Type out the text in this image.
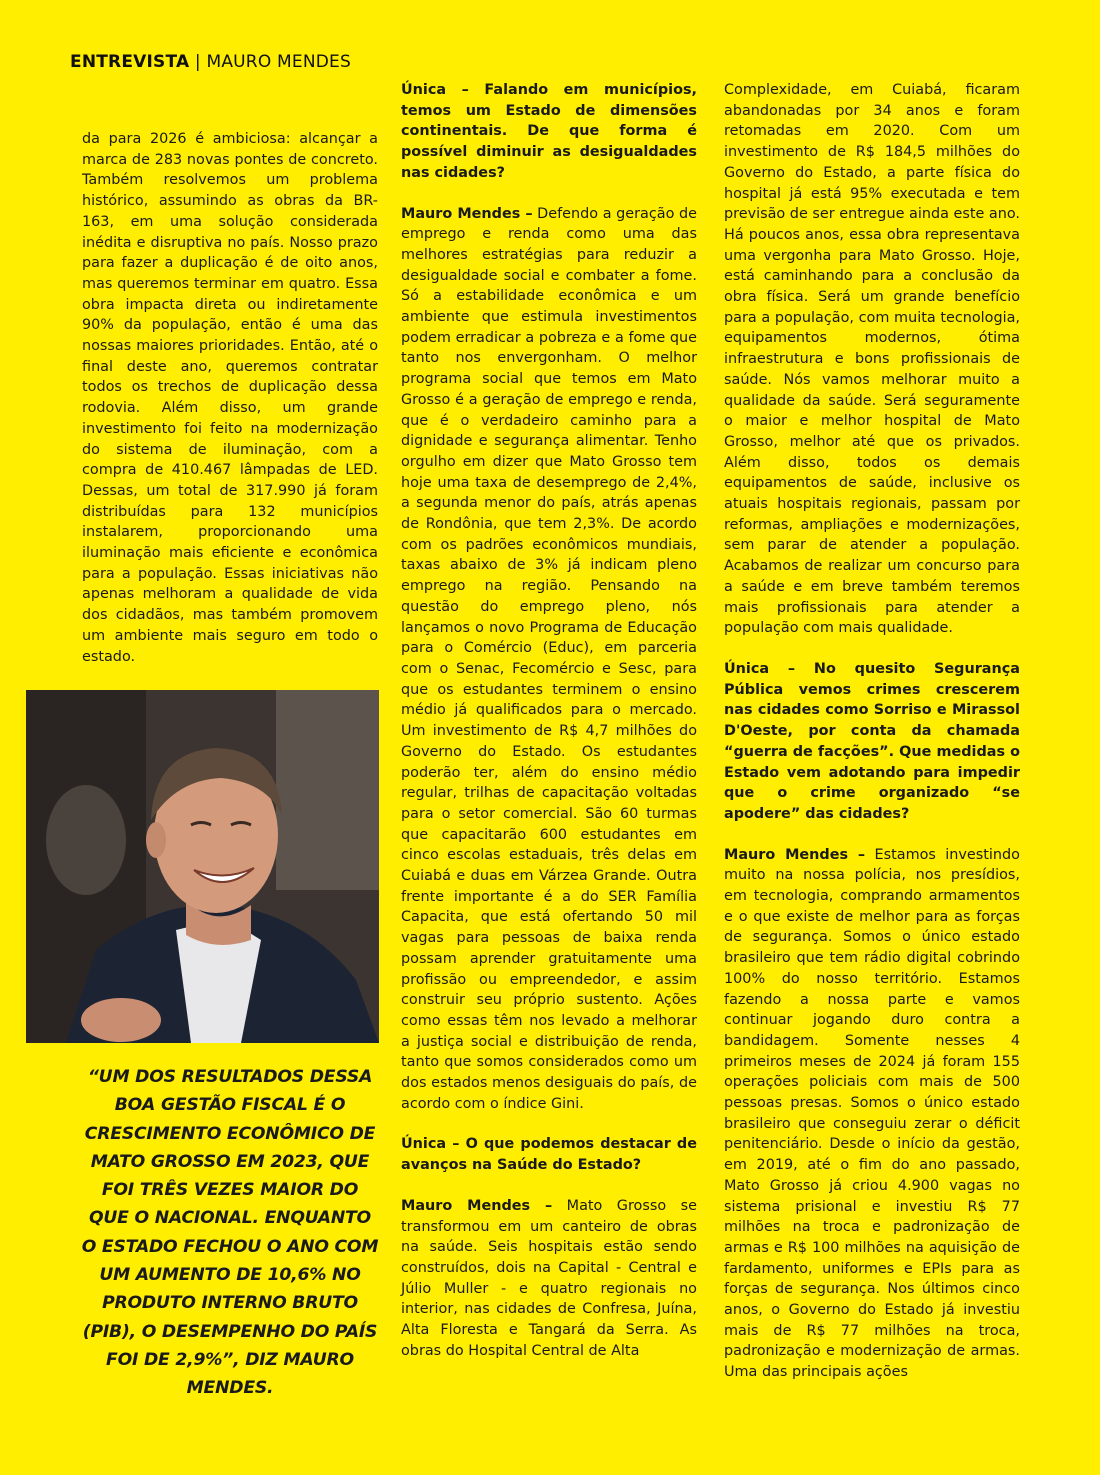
ENTREVISTA | MAURO MENDES

da para 2026 é ambiciosa: alcançar a marca de 283 novas pontes de concreto. Também resolvemos um problema histórico, assumindo as obras da BR-163, em uma solução considerada inédita e disruptiva no país. Nosso prazo para fazer a duplicação é de oito anos, mas queremos terminar em quatro. Essa obra impacta direta ou indiretamente 90% da população, então é uma das nossas maiores prioridades. Então, até o final deste ano, queremos contratar todos os trechos de duplicação dessa rodovia. Além disso, um grande investimento foi feito na modernização do sistema de iluminação, com a compra de 410.467 lâmpadas de LED. Dessas, um total de 317.990 já foram distribuídas para 132 municípios instalarem, proporcionando uma iluminação mais eficiente e econômica para a população. Essas iniciativas não apenas melhoram a qualidade de vida dos cidadãos, mas também promovem um ambiente mais seguro em todo o estado.

“UM DOS RESULTADOS DESSA BOA GESTÃO FISCAL É O CRESCIMENTO ECONÔMICO DE MATO GROSSO EM 2023, QUE FOI TRÊS VEZES MAIOR DO QUE O NACIONAL. ENQUANTO O ESTADO FECHOU O ANO COM UM AUMENTO DE 10,6% NO PRODUTO INTERNO BRUTO (PIB), O DESEMPENHO DO PAÍS FOI DE 2,9%”, DIZ MAURO MENDES.

Única – Falando em municípios, temos um Estado de dimensões continentais. De que forma é possível diminuir as desigualdades nas cidades?

Mauro Mendes – Defendo a geração de emprego e renda como uma das melhores estratégias para reduzir a desigualdade social e combater a fome. Só a estabilidade econômica e um ambiente que estimula investimentos podem erradicar a pobreza e a fome que tanto nos envergonham. O melhor programa social que temos em Mato Grosso é a geração de emprego e renda, que é o verdadeiro caminho para a dignidade e segurança alimentar. Tenho orgulho em dizer que Mato Grosso tem hoje uma taxa de desemprego de 2,4%, a segunda menor do país, atrás apenas de Rondônia, que tem 2,3%. De acordo com os padrões econômicos mundiais, taxas abaixo de 3% já indicam pleno emprego na região. Pensando na questão do emprego pleno, nós lançamos o novo Programa de Educação para o Comércio (Educ), em parceria com o Senac, Fecomércio e Sesc, para que os estudantes terminem o ensino médio já qualificados para o mercado. Um investimento de R$ 4,7 milhões do Governo do Estado. Os estudantes poderão ter, além do ensino médio regular, trilhas de capacitação voltadas para o setor comercial. São 60 turmas que capacitarão 600 estudantes em cinco escolas estaduais, três delas em Cuiabá e duas em Várzea Grande. Outra frente importante é a do SER Família Capacita, que está ofertando 50 mil vagas para pessoas de baixa renda possam aprender gratuitamente uma profissão ou empreendedor, e assim construir seu próprio sustento. Ações como essas têm nos levado a melhorar a justiça social e distribuição de renda, tanto que somos considerados como um dos estados menos desiguais do país, de acordo com o índice Gini.

Única – O que podemos destacar de avanços na Saúde do Estado?

Mauro Mendes – Mato Grosso se transformou em um canteiro de obras na saúde. Seis hospitais estão sendo construídos, dois na Capital - Central e Júlio Muller - e quatro regionais no interior, nas cidades de Confresa, Juína, Alta Floresta e Tangará da Serra. As obras do Hospital Central de Alta

Complexidade, em Cuiabá, ficaram abandonadas por 34 anos e foram retomadas em 2020. Com um investimento de R$ 184,5 milhões do Governo do Estado, a parte física do hospital já está 95% executada e tem previsão de ser entregue ainda este ano. Há poucos anos, essa obra representava uma vergonha para Mato Grosso. Hoje, está caminhando para a conclusão da obra física. Será um grande benefício para a população, com muita tecnologia, equipamentos modernos, ótima infraestrutura e bons profissionais de saúde. Nós vamos melhorar muito a qualidade da saúde. Será seguramente o maior e melhor hospital de Mato Grosso, melhor até que os privados. Além disso, todos os demais equipamentos de saúde, inclusive os atuais hospitais regionais, passam por reformas, ampliações e modernizações, sem parar de atender a população. Acabamos de realizar um concurso para a saúde e em breve também teremos mais profissionais para atender a população com mais qualidade.

Única – No quesito Segurança Pública vemos crimes crescerem nas cidades como Sorriso e Mirassol D'Oeste, por conta da chamada “guerra de facções”. Que medidas o Estado vem adotando para impedir que o crime organizado “se apodere” das cidades?

Mauro Mendes – Estamos investindo muito na nossa polícia, nos presídios, em tecnologia, comprando armamentos e o que existe de melhor para as forças de segurança. Somos o único estado brasileiro que tem rádio digital cobrindo 100% do nosso território. Estamos fazendo a nossa parte e vamos continuar jogando duro contra a bandidagem. Somente nesses 4 primeiros meses de 2024 já foram 155 operações policiais com mais de 500 pessoas presas. Somos o único estado brasileiro que conseguiu zerar o déficit penitenciário. Desde o início da gestão, em 2019, até o fim do ano passado, Mato Grosso já criou 4.900 vagas no sistema prisional e investiu R$ 77 milhões na troca e padronização de armas e R$ 100 milhões na aquisição de fardamento, uniformes e EPIs para as forças de segurança. Nos últimos cinco anos, o Governo do Estado já investiu mais de R$ 77 milhões na troca, padronização e modernização de armas. Uma das principais ações
